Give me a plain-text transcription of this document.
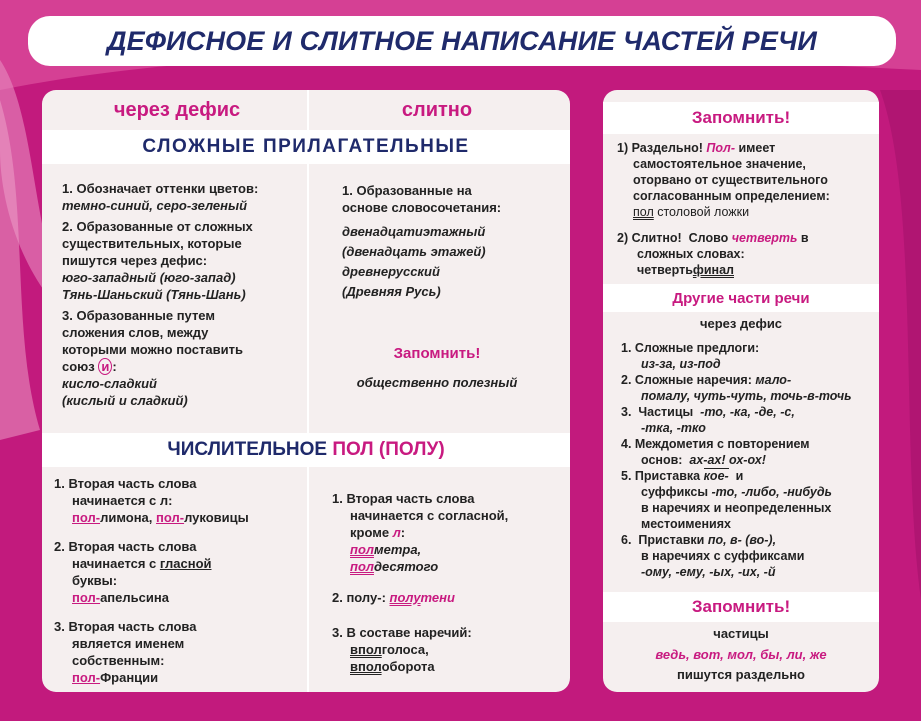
ДЕФИСНОЕ И СЛИТНОЕ НАПИСАНИЕ ЧАСТЕЙ РЕЧИ
через дефис	слитно
СЛОЖНЫЕ ПРИЛАГАТЕЛЬНЫЕ
1. Обозначает оттенки цветов:
темно-синий, серо-зеленый
2. Образованные от сложных
существительных, которые
пишутся через дефис:
юго-западный (юго-запад)
Тянь-Шаньский (Тянь-Шань)
3. Образованные путем
сложения слов, между
которыми можно поставить
союз и :
кисло-сладкий
(кислый и сладкий)
1. Образованные на
основе словосочетания:
двенадцатиэтажный
(двенадцать этажей)
древнерусский
(Древняя Русь)
Запомнить!
общественно полезный
ЧИСЛИТЕЛЬНОЕ ПОЛ (ПОЛУ)
1. Вторая часть слова
начинается с л:
пол-лимона, пол-луковицы
2. Вторая часть слова
начинается с гласной
буквы:
пол-апельсина
3. Вторая часть слова
является именем
собственным:
пол-Франции
1. Вторая часть слова
начинается с согласной,
кроме л:
полметра,
полдесятого
2. полу-: полутени
3. В составе наречий:
вполголоса,
вполоборота
Запомнить!
1) Раздельно! Пол- имеет
самостоятельное значение,
оторвано от существительного
согласованным определением:
пол столовой ложки
2) Слитно!  Слово четверть в
сложных словах:
четвертьфинал
Другие части речи
через дефис
1. Сложные предлоги:
из-за, из-под
2. Сложные наречия: мало-
помалу, чуть-чуть, точь-в-точь
3.  Частицы  -то, -ка, -де, -с,
-тка, -тко
4. Междометия с повторением
основ:  ах-ах! ох-ох!
5. Приставка кое-  и
суффиксы -то, -либо, -нибудь
в наречиях и неопределенных
местоимениях
6.  Приставки по, в- (во-),
в наречиях с суффиксами
-ому, -ему, -ых, -их, -й
Запомнить!
частицы
ведь, вот, мол, бы, ли, же
пишутся раздельно
